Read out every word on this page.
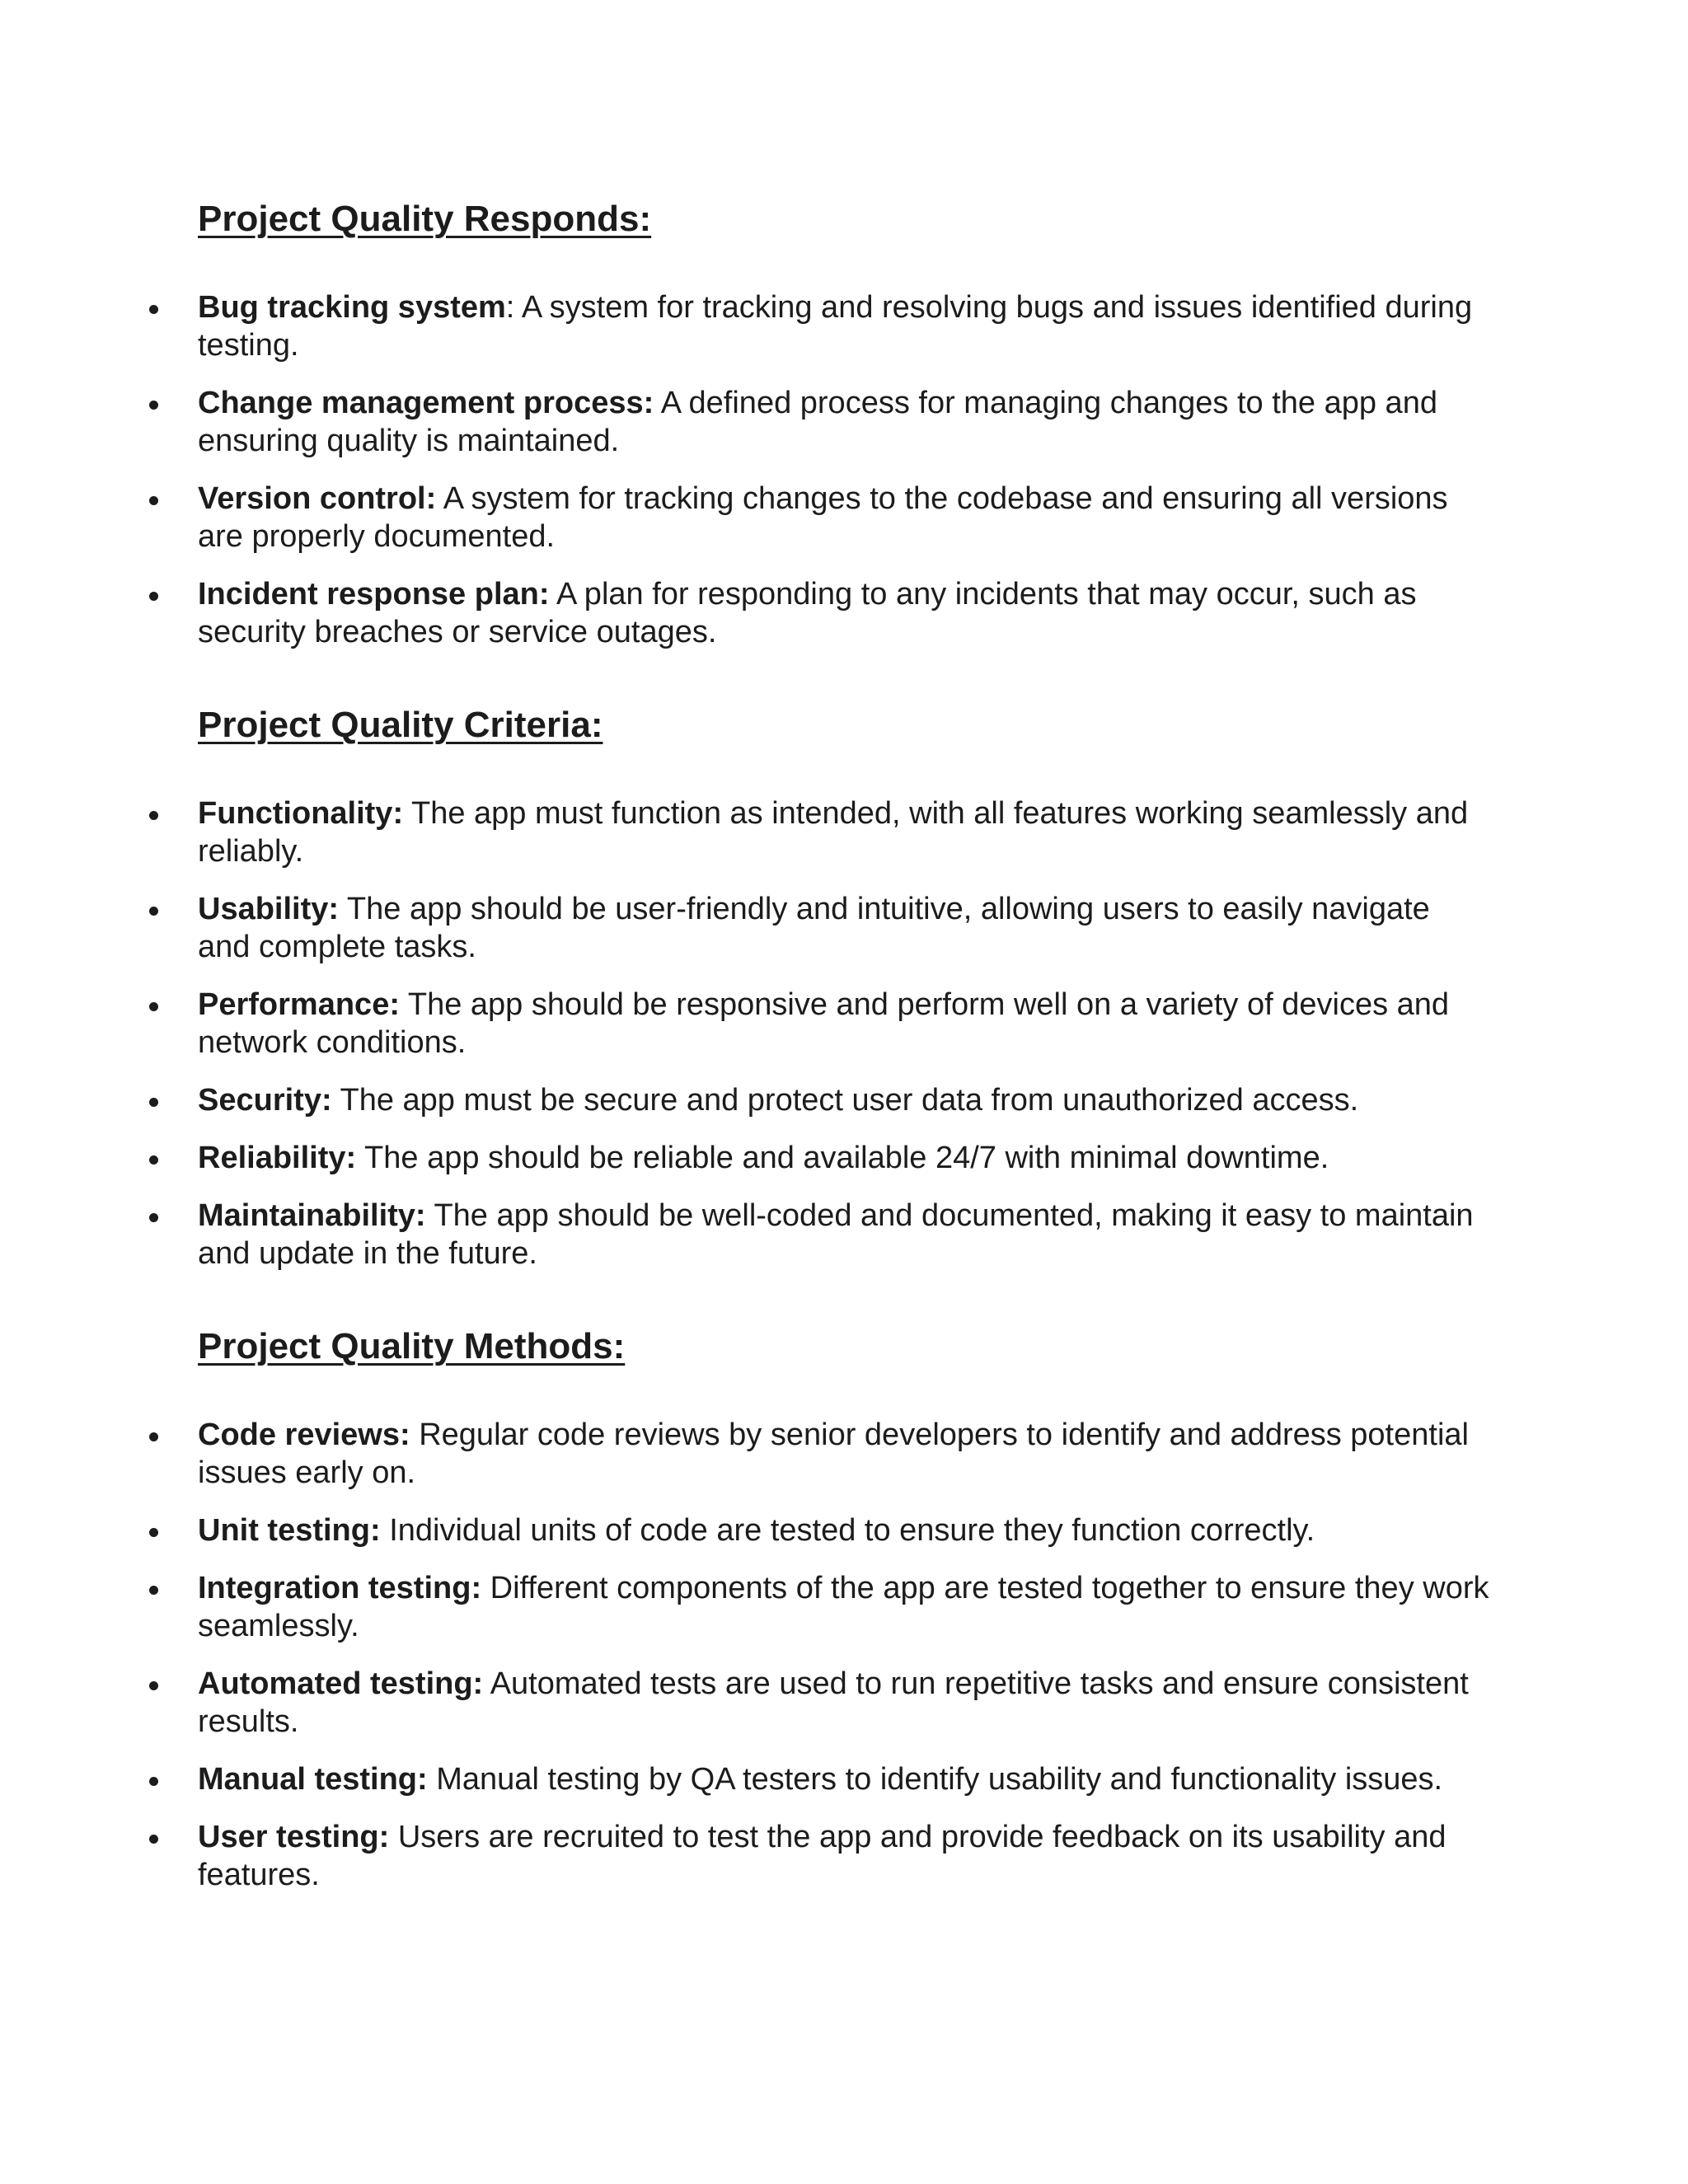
Project Quality Responds:
Bug tracking system: A system for tracking and resolving bugs and issues identified during testing.
Change management process: A defined process for managing changes to the app and ensuring quality is maintained.
Version control: A system for tracking changes to the codebase and ensuring all versions are properly documented.
Incident response plan: A plan for responding to any incidents that may occur, such as security breaches or service outages.
Project Quality Criteria:
Functionality: The app must function as intended, with all features working seamlessly and reliably.
Usability: The app should be user-friendly and intuitive, allowing users to easily navigate and complete tasks.
Performance: The app should be responsive and perform well on a variety of devices and network conditions.
Security: The app must be secure and protect user data from unauthorized access.
Reliability: The app should be reliable and available 24/7 with minimal downtime.
Maintainability: The app should be well-coded and documented, making it easy to maintain and update in the future.
Project Quality Methods:
Code reviews: Regular code reviews by senior developers to identify and address potential issues early on.
Unit testing: Individual units of code are tested to ensure they function correctly.
Integration testing: Different components of the app are tested together to ensure they work seamlessly.
Automated testing: Automated tests are used to run repetitive tasks and ensure consistent results.
Manual testing: Manual testing by QA testers to identify usability and functionality issues.
User testing: Users are recruited to test the app and provide feedback on its usability and features.
